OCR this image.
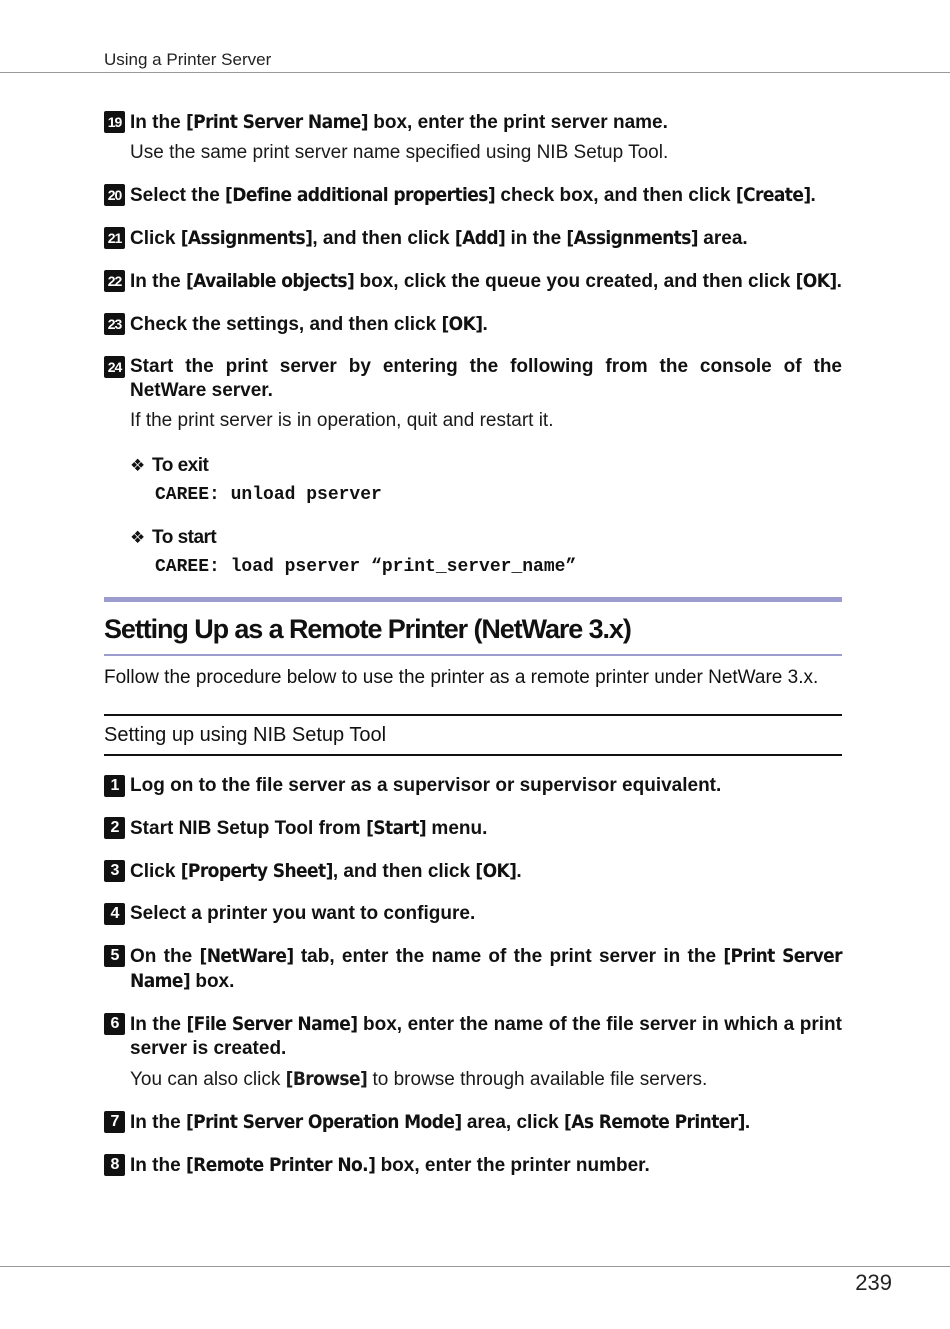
Using a Printer Server
19 In the [Print Server Name] box, enter the print server name.
Use the same print server name specified using NIB Setup Tool.
20 Select the [Define additional properties] check box, and then click [Create].
21 Click [Assignments], and then click [Add] in the [Assignments] area.
22 In the [Available objects] box, click the queue you created, and then click [OK].
23 Check the settings, and then click [OK].
24 Start the print server by entering the following from the console of the NetWare server.
If the print server is in operation, quit and restart it.
❖ To exit
CAREE: unload pserver
❖ To start
CAREE: load pserver “print_server_name”
Setting Up as a Remote Printer (NetWare 3.x)
Follow the procedure below to use the printer as a remote printer under NetWare 3.x.
Setting up using NIB Setup Tool
1 Log on to the file server as a supervisor or supervisor equivalent.
2 Start NIB Setup Tool from [Start] menu.
3 Click [Property Sheet], and then click [OK].
4 Select a printer you want to configure.
5 On the [NetWare] tab, enter the name of the print server in the [Print Server Name] box.
6 In the [File Server Name] box, enter the name of the file server in which a print server is created.
You can also click [Browse] to browse through available file servers.
7 In the [Print Server Operation Mode] area, click [As Remote Printer].
8 In the [Remote Printer No.] box, enter the printer number.
239
